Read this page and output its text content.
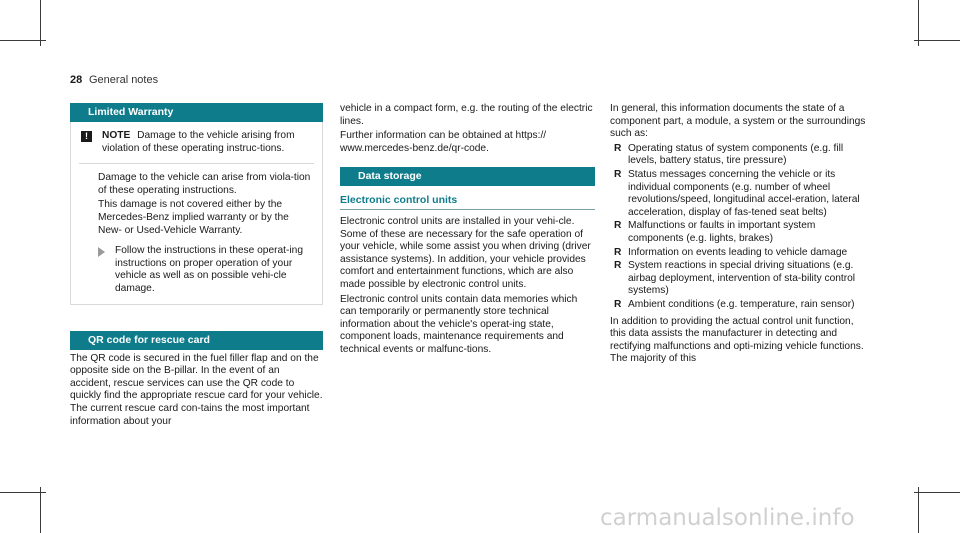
28 General notes
Limited Warranty
!	NOTE Damage to the vehicle arising from violation of these operating instruc-tions.

Damage to the vehicle can arise from viola-tion of these operating instructions.

This damage is not covered either by the Mercedes-Benz implied warranty or by the New- or Used-Vehicle Warranty.

Follow the instructions in these operat-ing instructions on proper operation of your vehicle as well as on possible vehi-cle damage.
QR code for rescue card

The QR code is secured in the fuel filler flap and on the opposite side on the B-pillar. In the event of an accident, rescue services can use the QR code to quickly find the appropriate rescue card for your vehicle. The current rescue card con-tains the most important information about your

vehicle in a compact form, e.g. the routing of the electric lines.

Further information can be obtained at https:// www.mercedes-benz.de/qr-code.

Data storage
Electronic control units

Electronic control units are installed in your vehi-cle. Some of these are necessary for the safe operation of your vehicle, while some assist you when driving (driver assistance systems). In addition, your vehicle provides comfort and entertainment functions, which are also made possible by electronic control units.

Electronic control units contain data memories which can temporarily or permanently store technical information about the vehicle's operat-ing state, component loads, maintenance requirements and technical events or malfunc-tions.

In general, this information documents the state of a component part, a module, a system or the surroundings such as:

R Operating status of system components (e.g. fill levels, battery status, tire pressure)
R Status messages concerning the vehicle or its individual components (e.g. number of wheel revolutions/speed, longitudinal accel-eration, lateral acceleration, display of fas-tened seat belts)
R Malfunctions or faults in important system components (e.g. lights, brakes)
R Information on events leading to vehicle damage
R System reactions in special driving situations (e.g. airbag deployment, intervention of sta-bility control systems)
R Ambient conditions (e.g. temperature, rain sensor)

In addition to providing the actual control unit function, this data assists the manufacturer in detecting and rectifying malfunctions and opti-mizing vehicle functions. The majority of this

carmanualsonline.info
